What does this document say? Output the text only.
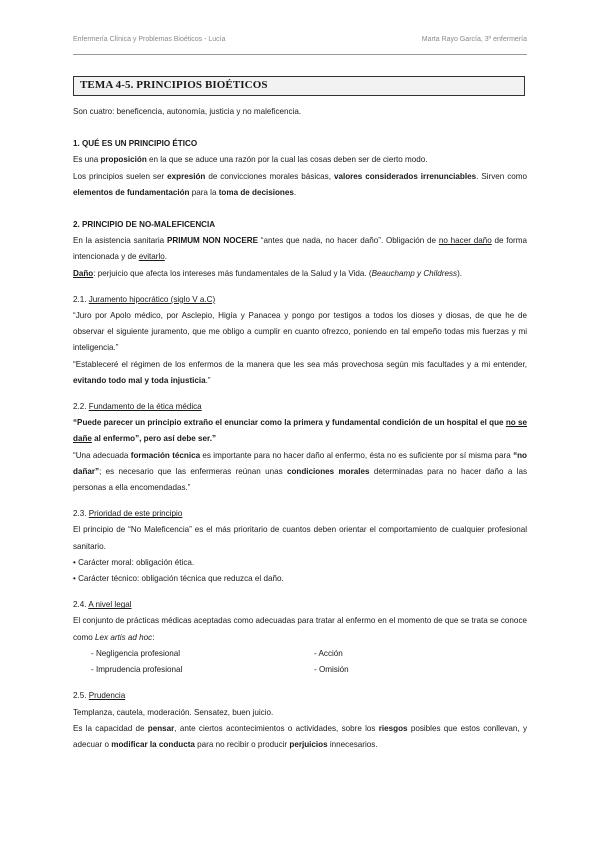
Enfermería Clínica y Problemas Bioéticos - Lucía	Marta Rayo García, 3º enfermería
TEMA 4-5. PRINCIPIOS BIOÉTICOS

Son cuatro: beneficencia, autonomía, justicia y no maleficencia.

1. QUÉ ES UN PRINCIPIO ÉTICO

Es una proposición en la que se aduce una razón por la cual las cosas deben ser de cierto modo.

Los principios suelen ser expresión de convicciones morales básicas, valores considerados irrenunciables. Sirven como elementos de fundamentación para la toma de decisiones.

2. PRINCIPIO DE NO-MALEFICENCIA

En la asistencia sanitaria PRIMUM NON NOCERE “antes que nada, no hacer daño”. Obligación de no hacer daño de forma intencionada y de evitarlo.

Daño: perjuicio que afecta los intereses más fundamentales de la Salud y la Vida. (Beauchamp y Childress).

2.1. Juramento hipocrático (siglo V a.C)

“Juro por Apolo médico, por Asclepio, Higía y Panacea y pongo por testigos a todos los dioses y diosas, de que he de observar el siguiente juramento, que me obligo a cumplir en cuanto ofrezco, poniendo en tal empeño todas mis fuerzas y mi inteligencia.”

“Estableceré el régimen de los enfermos de la manera que les sea más provechosa según mis facultades y a mi entender, evitando todo mal y toda injusticia.”

2.2. Fundamento de la ética médica

“Puede parecer un principio extraño el enunciar como la primera y fundamental condición de un hospital el que no se dañe al enfermo”, pero así debe ser.”

“Una adecuada formación técnica es importante para no hacer daño al enfermo, ésta no es suficiente por sí misma para “no dañar”; es necesario que las enfermeras reúnan unas condiciones morales determinadas para no hacer daño a las personas a ella encomendadas.”

2.3. Prioridad de este principio

El principio de “No Maleficencia” es el más prioritario de cuantos deben orientar el comportamiento de cualquier profesional sanitario.

• Carácter moral: obligación ética.

• Carácter técnico: obligación técnica que reduzca el daño.

2.4. A nivel legal

El conjunto de prácticas médicas aceptadas como adecuadas para tratar al enfermo en el momento de que se trata se conoce como Lex artis ad hoc:

- Negligencia profesional	- Acción
- Imprudencia profesional	- Omisión

2.5. Prudencia

Templanza, cautela, moderación. Sensatez, buen juicio.

Es la capacidad de pensar, ante ciertos acontecimientos o actividades, sobre los riesgos posibles que estos conllevan, y adecuar o modificar la conducta para no recibir o producir perjuicios innecesarios.
